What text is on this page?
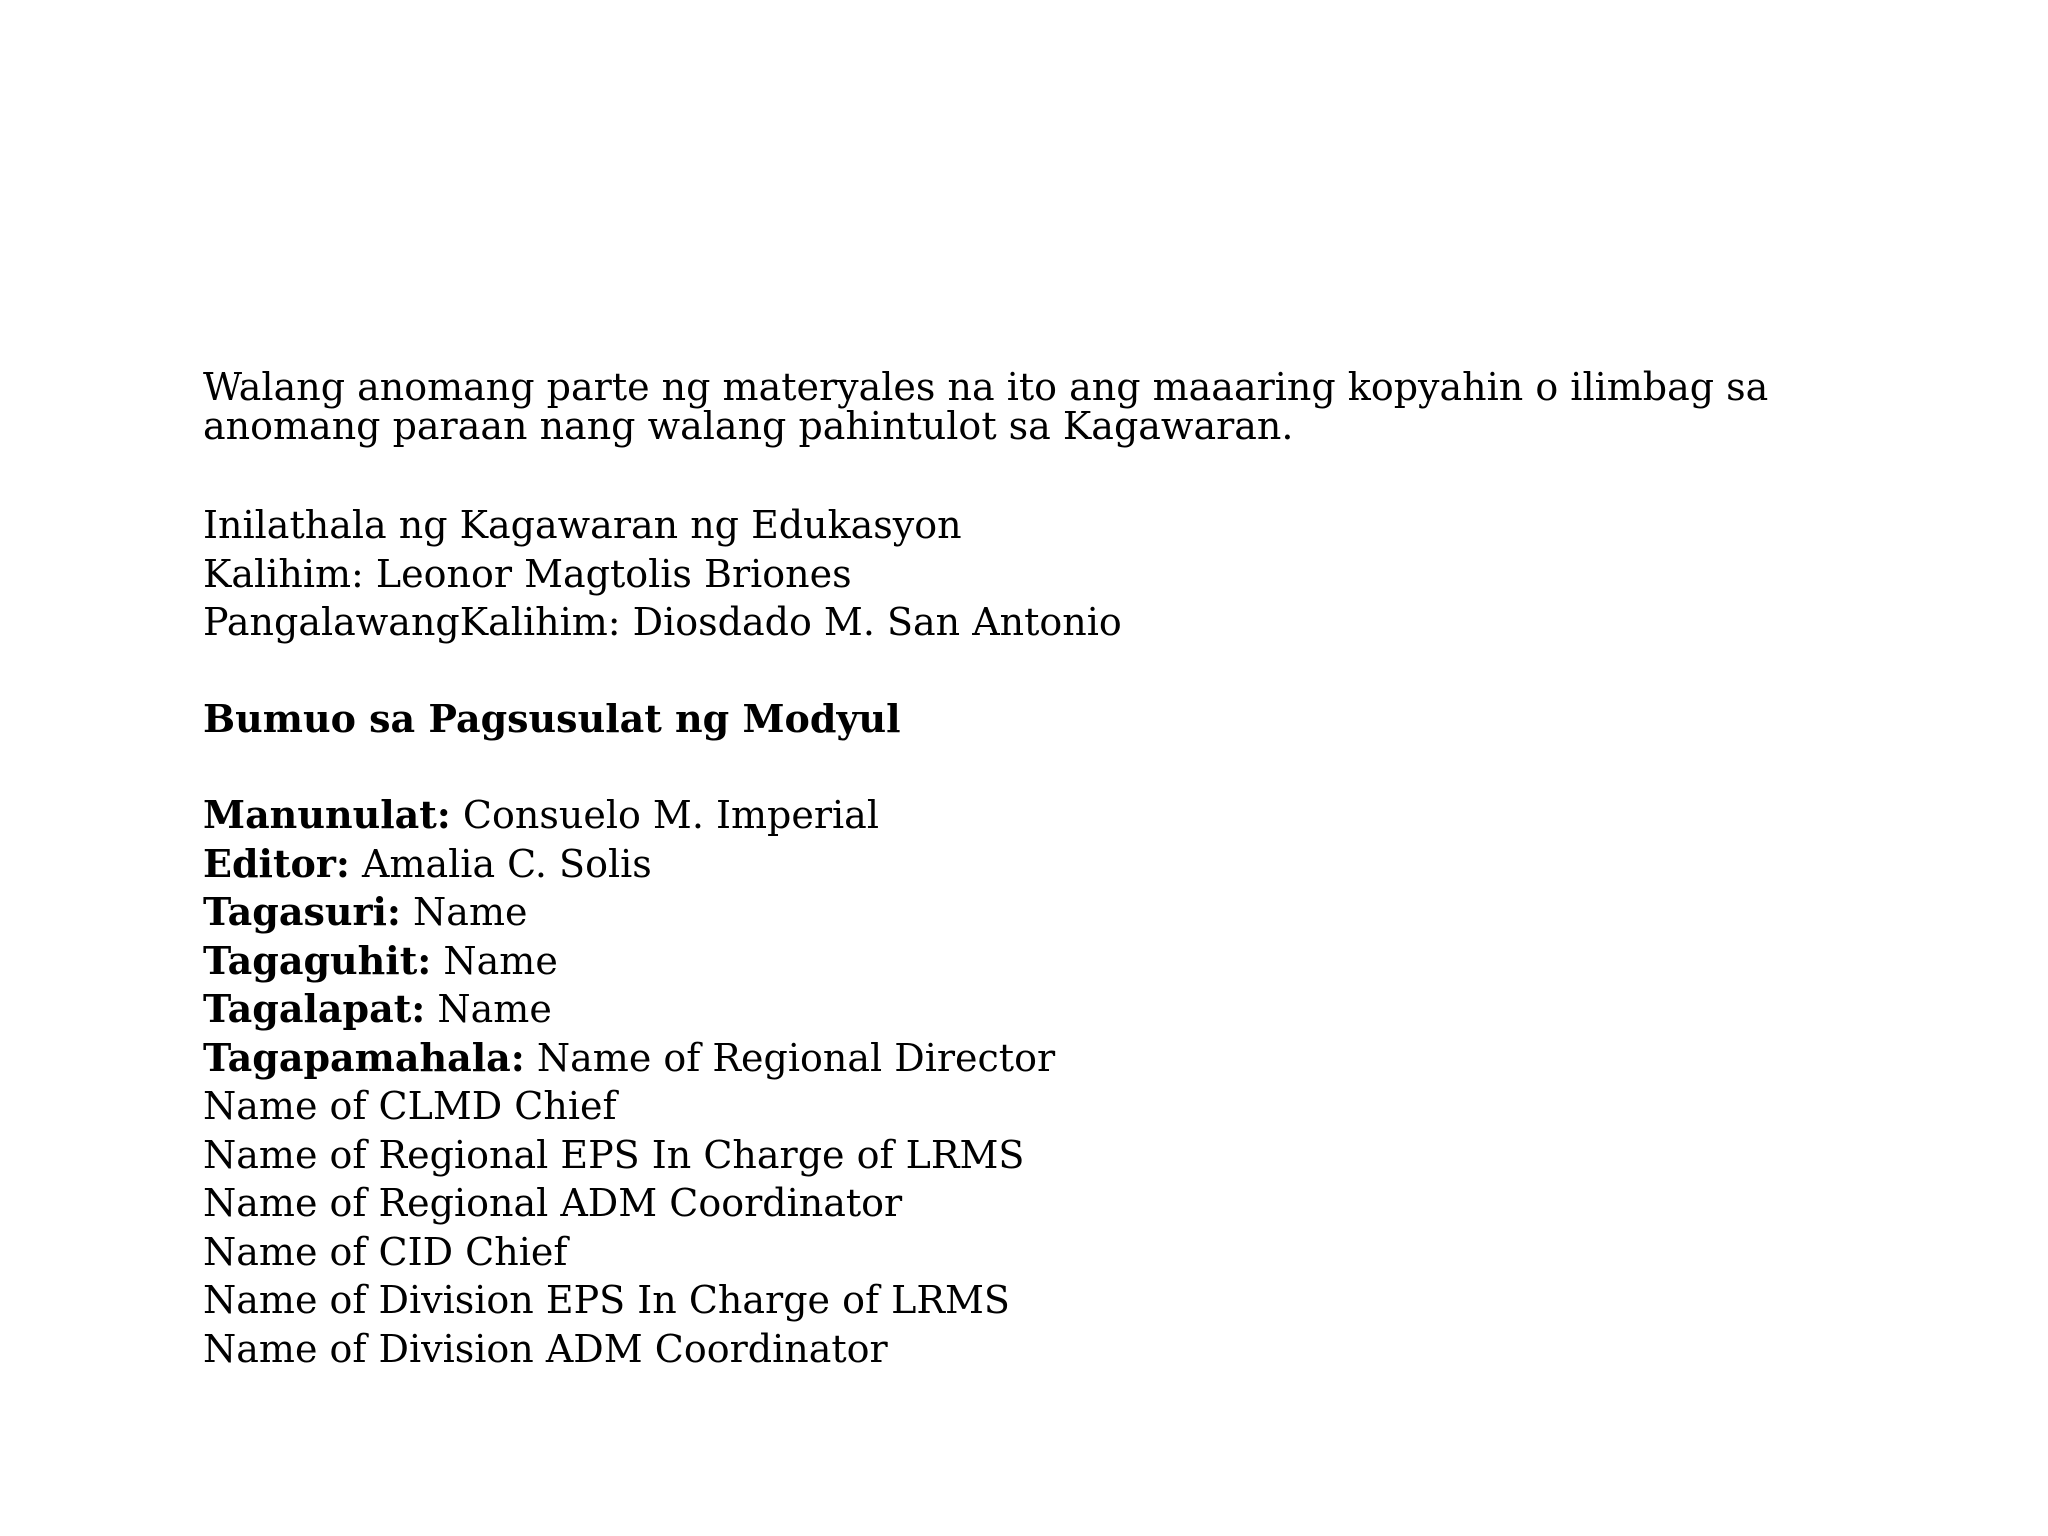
Walang anomang parte ng materyales na ito ang maaaring kopyahin o ilimbag sa
anomang paraan nang walang pahintulot sa Kagawaran.

Inilathala ng Kagawaran ng Edukasyon
Kalihim: Leonor Magtolis Briones
PangalawangKalihim: Diosdado M. San Antonio
Bumuo sa Pagsusulat ng Modyul
Manunulat: Consuelo M. Imperial
Editor: Amalia C. Solis
Tagasuri: Name
Tagaguhit: Name
Tagalapat: Name
Tagapamahala: Name of Regional Director
Name of CLMD Chief
Name of Regional EPS In Charge of LRMS
Name of Regional ADM Coordinator
Name of CID Chief
Name of Division EPS In Charge of LRMS
Name of Division ADM Coordinator
